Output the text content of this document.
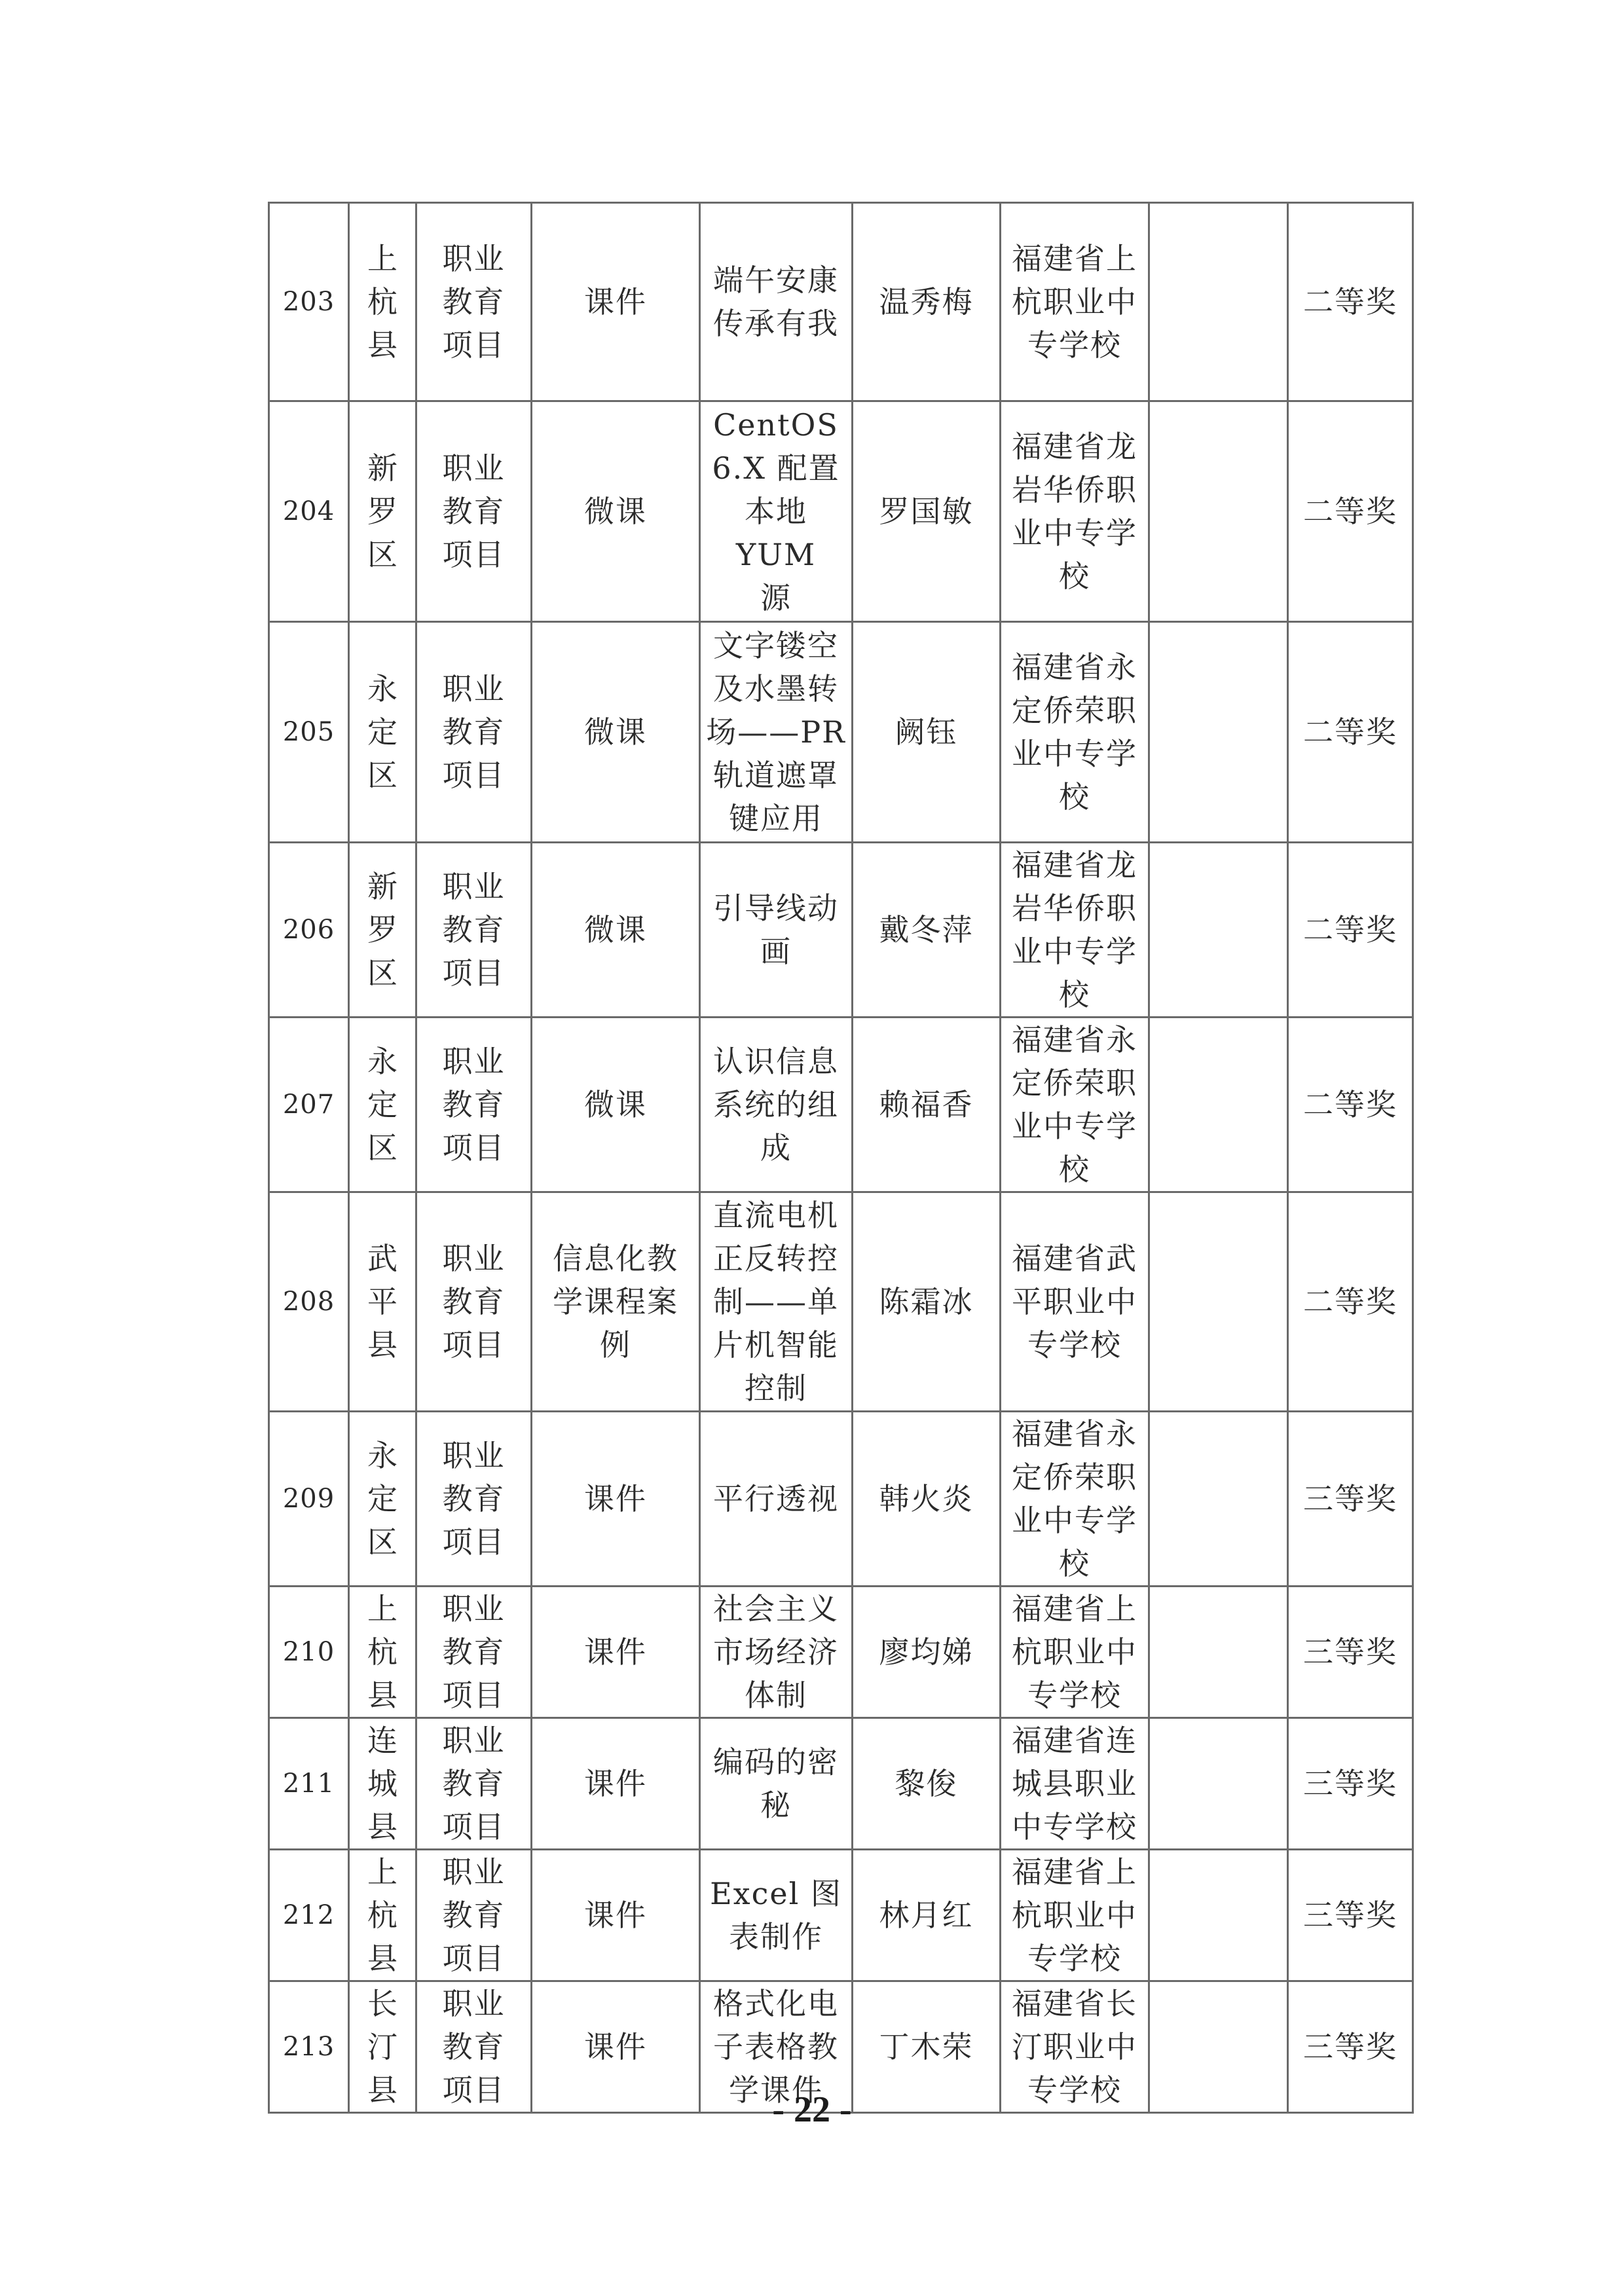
203	上
杭
县	职业
教育
项目	课件	端午安康
传承有我	温秀梅	福建省上
杭职业中
专学校		二等奖
204	新
罗
区	职业
教育
项目	微课	CentOS
6.X 配置
本地 YUM
源	罗国敏	福建省龙
岩华侨职
业中专学
校		二等奖
205	永
定
区	职业
教育
项目	微课	文字镂空
及水墨转
场——PR
轨道遮罩
键应用	阙钰	福建省永
定侨荣职
业中专学
校		二等奖
206	新
罗
区	职业
教育
项目	微课	引导线动
画	戴冬萍	福建省龙
岩华侨职
业中专学
校		二等奖
207	永
定
区	职业
教育
项目	微课	认识信息
系统的组
成	赖福香	福建省永
定侨荣职
业中专学
校		二等奖
208	武
平
县	职业
教育
项目	信息化教
学课程案
例	直流电机
正反转控
制——单
片机智能
控制	陈霜冰	福建省武
平职业中
专学校		二等奖
209	永
定
区	职业
教育
项目	课件	平行透视	韩火炎	福建省永
定侨荣职
业中专学
校		三等奖
210	上
杭
县	职业
教育
项目	课件	社会主义
市场经济
体制	廖均娣	福建省上
杭职业中
专学校		三等奖
211	连
城
县	职业
教育
项目	课件	编码的密
秘	黎俊	福建省连
城县职业
中专学校		三等奖
212	上
杭
县	职业
教育
项目	课件	Excel 图
表制作	林月红	福建省上
杭职业中
专学校		三等奖
213	长
汀
县	职业
教育
项目	课件	格式化电
子表格教
学课件	丁木荣	福建省长
汀职业中
专学校		三等奖
- 22 -
